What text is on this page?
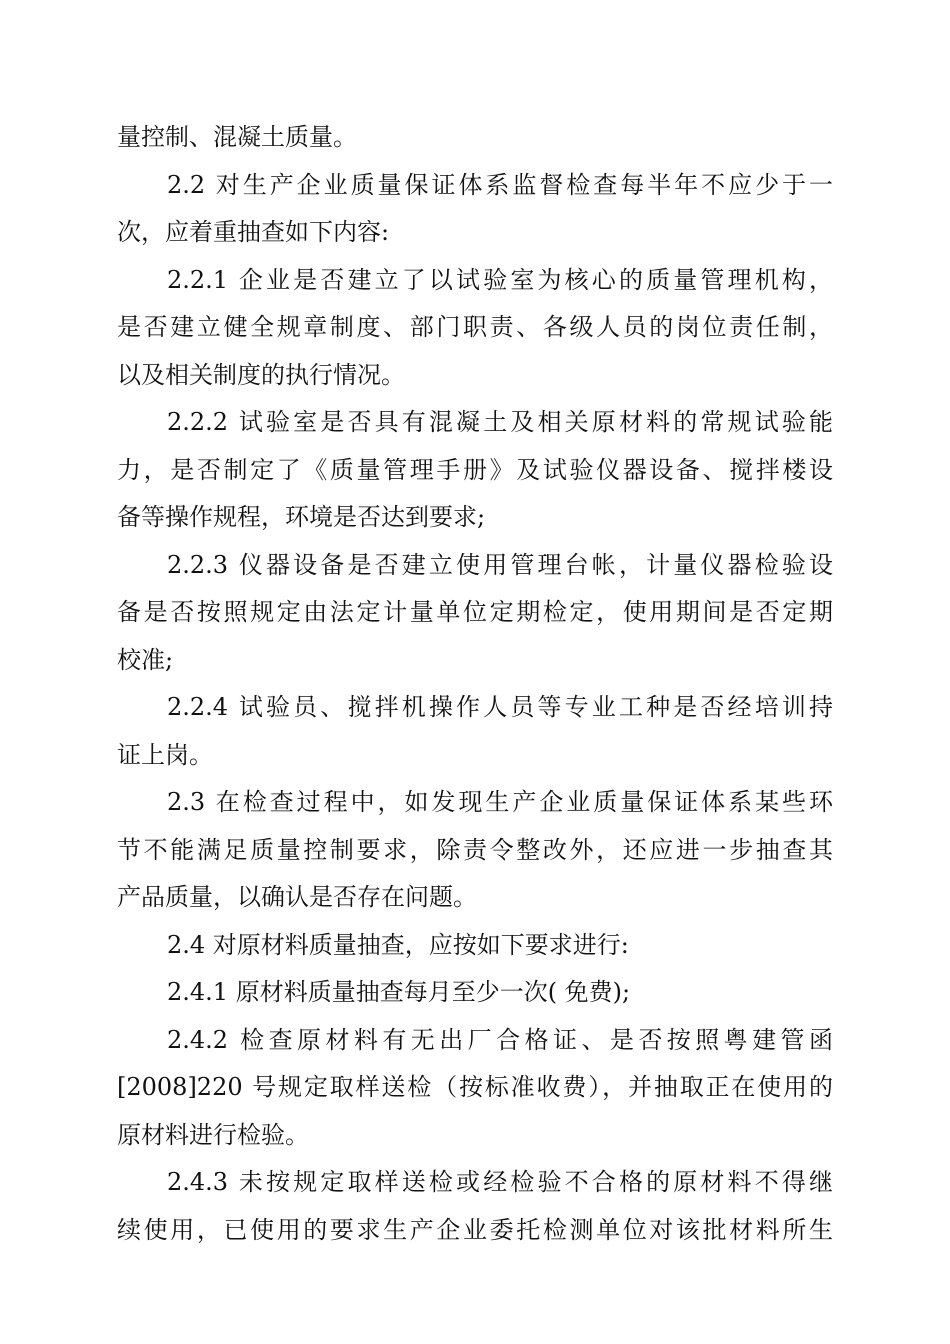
量控制、混凝土质量。
2.2 对生产企业质量保证体系监督检查每半年不应少于一
次，应着重抽查如下内容:
2.2.1 企业是否建立了以试验室为核心的质量管理机构，
是否建立健全规章制度、部门职责、各级人员的岗位责任制，
以及相关制度的执行情况。
2.2.2 试验室是否具有混凝土及相关原材料的常规试验能
力，是否制定了《质量管理手册》及试验仪器设备、搅拌楼设
备等操作规程，环境是否达到要求;
2.2.3 仪器设备是否建立使用管理台帐，计量仪器检验设
备是否按照规定由法定计量单位定期检定，使用期间是否定期
校准;
2.2.4 试验员、搅拌机操作人员等专业工种是否经培训持
证上岗。
2.3 在检查过程中，如发现生产企业质量保证体系某些环
节不能满足质量控制要求，除责令整改外，还应进一步抽查其
产品质量，以确认是否存在问题。
2.4 对原材料质量抽查，应按如下要求进行:
2.4.1 原材料质量抽查每月至少一次( 免费);
2.4.2 检查原材料有无出厂合格证、是否按照粤建管函
[2008]220 号规定取样送检（按标准收费），并抽取正在使用的
原材料进行检验。
2.4.3 未按规定取样送检或经检验不合格的原材料不得继
续使用，已使用的要求生产企业委托检测单位对该批材料所生
